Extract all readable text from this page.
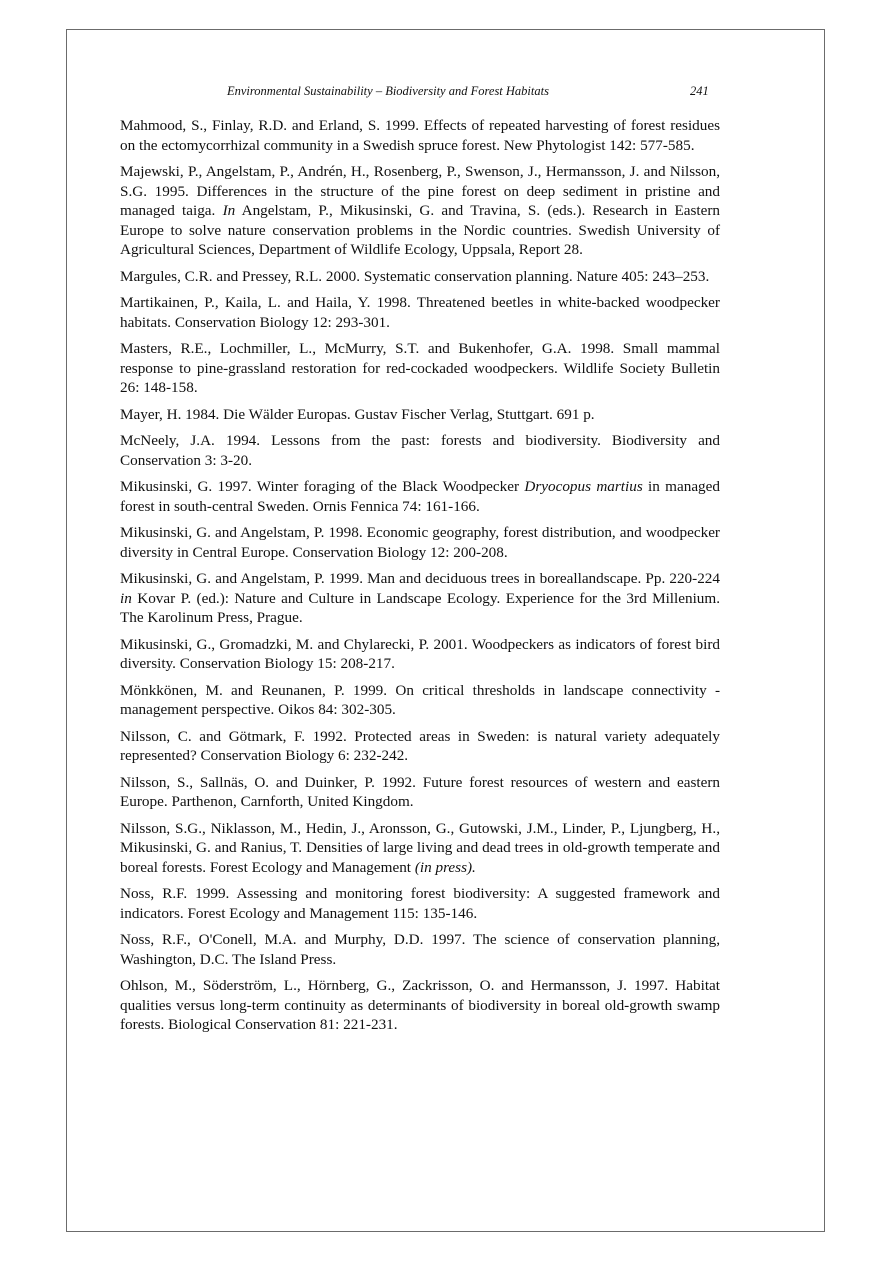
Environmental Sustainability – Biodiversity and Forest Habitats	241

Mahmood, S., Finlay, R.D. and Erland, S. 1999. Effects of repeated harvesting of forest residues on the ectomycorrhizal community in a Swedish spruce forest. New Phytologist 142: 577-585.

Majewski, P., Angelstam, P., Andrén, H., Rosenberg, P., Swenson, J., Hermansson, J. and Nilsson, S.G. 1995. Differences in the structure of the pine forest on deep sediment in pristine and managed taiga. In Angelstam, P., Mikusinski, G. and Travina, S. (eds.). Research in Eastern Europe to solve nature conservation problems in the Nordic countries. Swedish University of Agricultural Sciences, Department of Wildlife Ecology, Uppsala, Report 28.

Margules, C.R. and Pressey, R.L. 2000. Systematic conservation planning. Nature 405: 243–253.

Martikainen, P., Kaila, L. and Haila, Y. 1998. Threatened beetles in white-backed woodpecker habitats. Conservation Biology 12: 293-301.

Masters, R.E., Lochmiller, L., McMurry, S.T. and Bukenhofer, G.A. 1998. Small mammal response to pine-grassland restoration for red-cockaded woodpeckers. Wildlife Society Bulletin 26: 148-158.

Mayer, H. 1984. Die Wälder Europas. Gustav Fischer Verlag, Stuttgart. 691 p.

McNeely, J.A. 1994. Lessons from the past: forests and biodiversity. Biodiversity and Conservation 3: 3-20.

Mikusinski, G. 1997. Winter foraging of the Black Woodpecker Dryocopus martius in managed forest in south-central Sweden. Ornis Fennica 74: 161-166.

Mikusinski, G. and Angelstam, P. 1998. Economic geography, forest distribution, and woodpecker diversity in Central Europe. Conservation Biology 12: 200-208.

Mikusinski, G. and Angelstam, P. 1999. Man and deciduous trees in boreallandscape. Pp. 220-224 in Kovar P. (ed.): Nature and Culture in Landscape Ecology. Experience for the 3rd Millenium. The Karolinum Press, Prague.

Mikusinski, G., Gromadzki, M. and Chylarecki, P. 2001. Woodpeckers as indicators of forest bird diversity. Conservation Biology 15: 208-217.

Mönkkönen, M. and Reunanen, P. 1999. On critical thresholds in landscape connectivity - management perspective. Oikos 84: 302-305.

Nilsson, C. and Götmark, F. 1992. Protected areas in Sweden: is natural variety adequately represented? Conservation Biology 6: 232-242.

Nilsson, S., Sallnäs, O. and Duinker, P. 1992. Future forest resources of western and eastern Europe. Parthenon, Carnforth, United Kingdom.

Nilsson, S.G., Niklasson, M., Hedin, J., Aronsson, G., Gutowski, J.M., Linder, P., Ljungberg, H., Mikusinski, G. and Ranius, T. Densities of large living and dead trees in old-growth temperate and boreal forests. Forest Ecology and Management (in press).

Noss, R.F. 1999. Assessing and monitoring forest biodiversity: A suggested framework and indicators. Forest Ecology and Management 115: 135-146.

Noss, R.F., O'Conell, M.A. and Murphy, D.D. 1997. The science of conservation planning, Washington, D.C. The Island Press.

Ohlson, M., Söderström, L., Hörnberg, G., Zackrisson, O. and Hermansson, J. 1997. Habitat qualities versus long-term continuity as determinants of biodiversity in boreal old-growth swamp forests. Biological Conservation 81: 221-231.
